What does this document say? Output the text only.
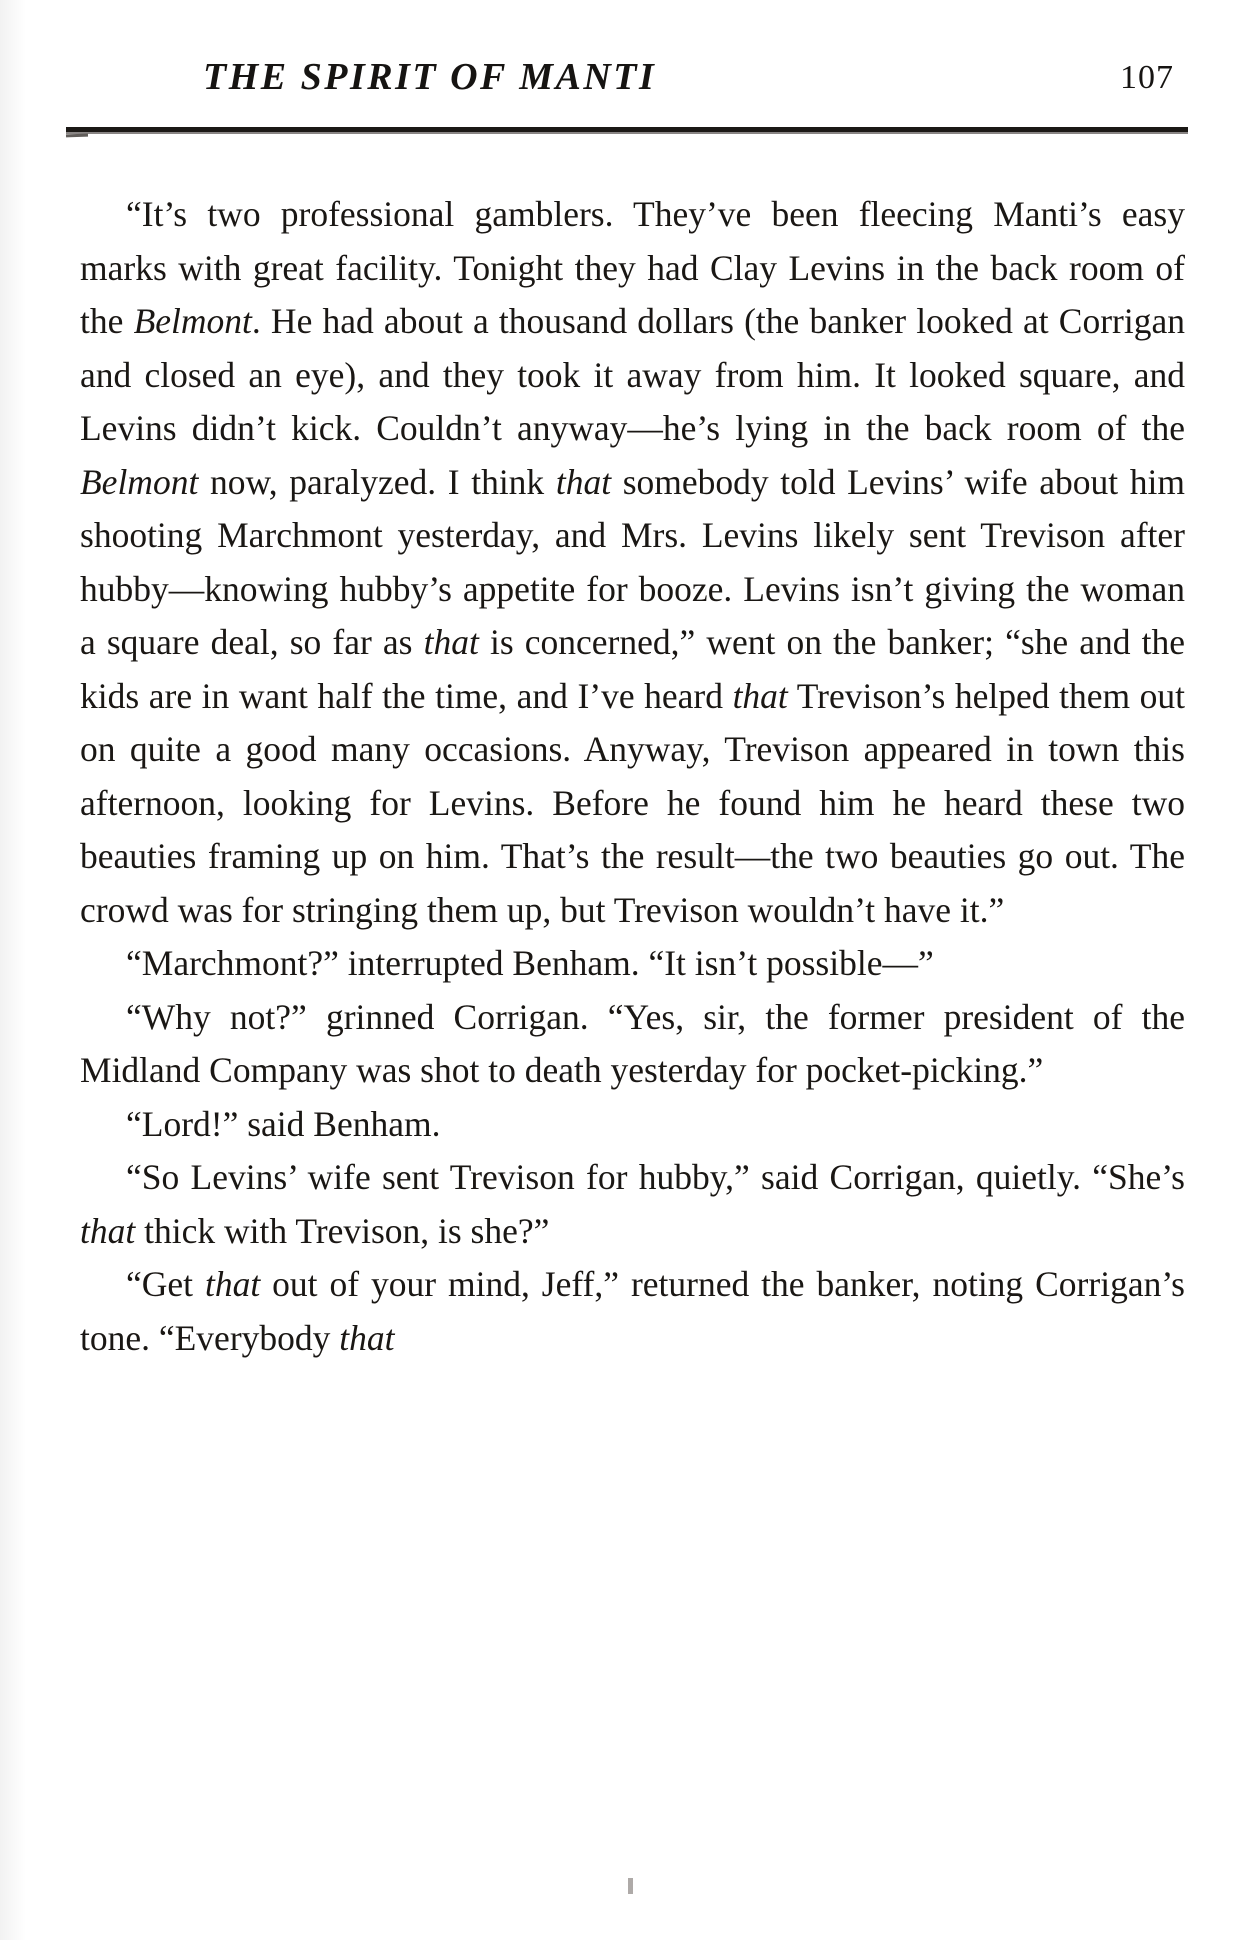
THE SPIRIT OF MANTI	107

“It’s two professional gamblers. They’ve been fleecing Manti’s easy marks with great facility. Tonight they had Clay Levins in the back room of the Belmont. He had about a thousand dollars (the banker looked at Corrigan and closed an eye), and they took it away from him. It looked square, and Levins didn’t kick. Couldn’t anyway—he’s lying in the back room of the Belmont now, paralyzed. I think that somebody told Levins’ wife about him shooting Marchmont yesterday, and Mrs. Levins likely sent Trevison after hubby—knowing hubby’s appetite for booze. Levins isn’t giving the woman a square deal, so far as that is concerned,” went on the banker; “she and the kids are in want half the time, and I’ve heard that Trevison’s helped them out on quite a good many occasions. Anyway, Trevison appeared in town this afternoon, looking for Levins. Before he found him he heard these two beauties framing up on him. That’s the result—the two beauties go out. The crowd was for stringing them up, but Trevison wouldn’t have it.”

“Marchmont?” interrupted Benham. “It isn’t possible—”

“Why not?” grinned Corrigan. “Yes, sir, the former president of the Midland Company was shot to death yesterday for pocket-picking.”

“Lord!” said Benham.

“So Levins’ wife sent Trevison for hubby,” said Corrigan, quietly. “She’s that thick with Trevison, is she?”

“Get that out of your mind, Jeff,” returned the banker, noting Corrigan’s tone. “Everybody that
